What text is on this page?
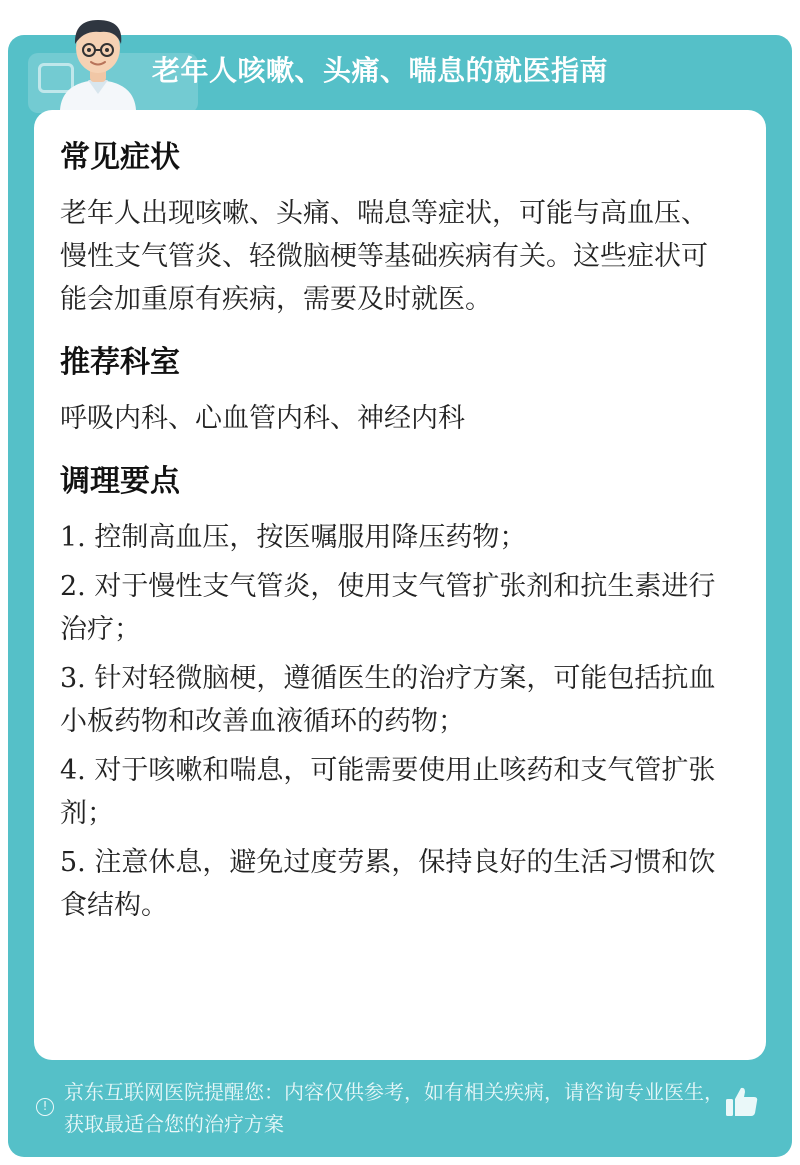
老年人咳嗽、头痛、喘息的就医指南
常见症状
老年人出现咳嗽、头痛、喘息等症状，可能与高血压、慢性支气管炎、轻微脑梗等基础疾病有关。这些症状可能会加重原有疾病，需要及时就医。
推荐科室
呼吸内科、心血管内科、神经内科
调理要点
1. 控制高血压，按医嘱服用降压药物；
2. 对于慢性支气管炎，使用支气管扩张剂和抗生素进行治疗；
3. 针对轻微脑梗，遵循医生的治疗方案，可能包括抗血小板药物和改善血液循环的药物；
4. 对于咳嗽和喘息，可能需要使用止咳药和支气管扩张剂；
5. 注意休息，避免过度劳累，保持良好的生活习惯和饮食结构。
!
京东互联网医院提醒您：内容仅供参考，如有相关疾病，请咨询专业医生，获取最适合您的治疗方案
